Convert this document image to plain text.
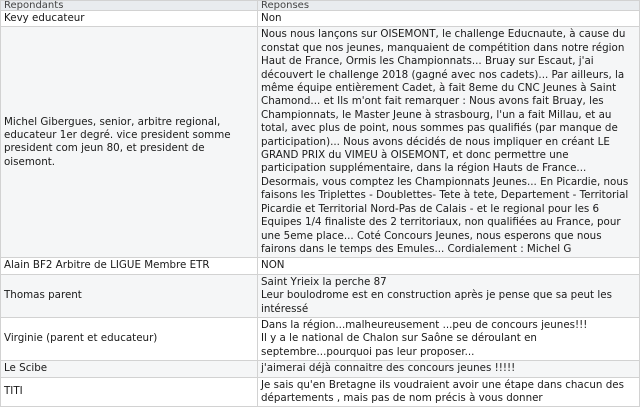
Repondants	Reponses
Kevy educateur	Non
Michel Gibergues, senior, arbitre regional, educateur 1er degré. vice president somme president com jeun 80, et president de oisemont.	Nous nous lançons sur OISEMONT, le challenge Educnaute, à cause du constat que nos jeunes, manquaient de compétition dans notre région Haut de France, Ormis les Championnats... Bruay sur Escaut, j'ai découvert le challenge 2018 (gagné avec nos cadets)... Par ailleurs, la même équipe entièrement Cadet, à fait 8eme du CNC Jeunes à Saint Chamond... et Ils m'ont fait remarquer : Nous avons fait Bruay, les Championnats, le Master Jeune à strasbourg, l'un a fait Millau, et au total, avec plus de point, nous sommes pas qualifiés (par manque de participation)... Nous avons décidés de nous impliquer en créant LE GRAND PRIX du VIMEU à OISEMONT, et donc permettre une participation supplémentaire, dans la région Hauts de France... Desormais, vous comptez les Championnats Jeunes... En Picardie, nous faisons les Triplettes - Doublettes- Tete à tete, Departement - Territorial Picardie et Territorial Nord-Pas de Calais - et le regional pour les 6 Equipes 1/4 finaliste des 2 territoriaux, non qualifiées au France, pour une 5eme place... Coté Concours Jeunes, nous esperons que nous fairons dans le temps des Emules... Cordialement : Michel G
Alain BF2 Arbitre de LIGUE Membre ETR	NON
Thomas parent	Saint Yrieix la perche 87
Leur boulodrome est en construction après je pense que sa peut les intéressé
Virginie (parent et educateur)	Dans la région...malheureusement ...peu de concours jeunes!!!
Il y a le national de Chalon sur Saône se déroulant en septembre...pourquoi pas leur proposer...
Le Scibe	j'aimerai déjà connaitre des concours jeunes !!!!!
TITI	Je sais qu'en Bretagne ils voudraient avoir une étape dans chacun des départements , mais pas de nom précis à vous donner
